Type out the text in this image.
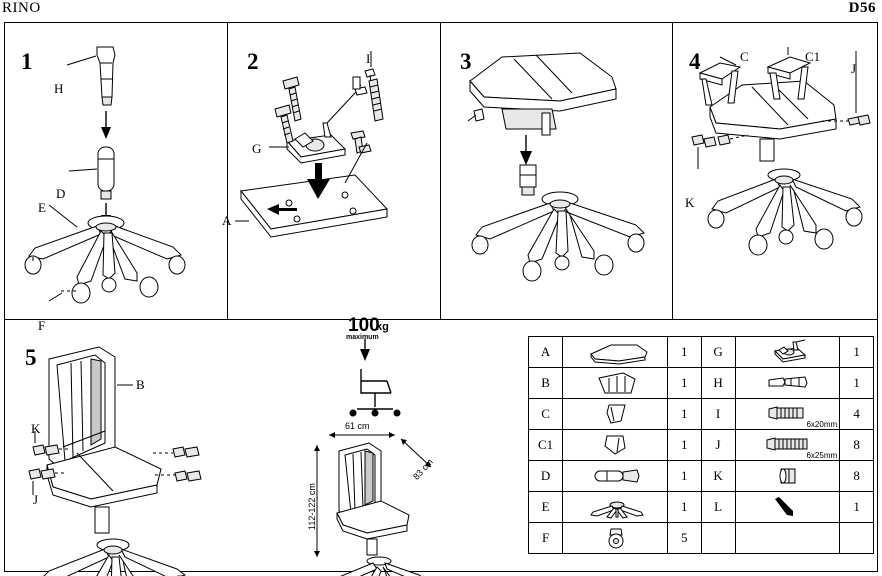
RINO	D56
1
H
D
E
F
2	I
G
A
3	4	C	C1
J
K
5
B
K
J
100
kg
maximum
61 cm
83 cm
112-122 cm
A		1	G		1
B		1	H		1
C		1	I	6x20mm	4
C1		1	J	6x25mm	8
D		1	K		8
E		1	L		1
F		5			
